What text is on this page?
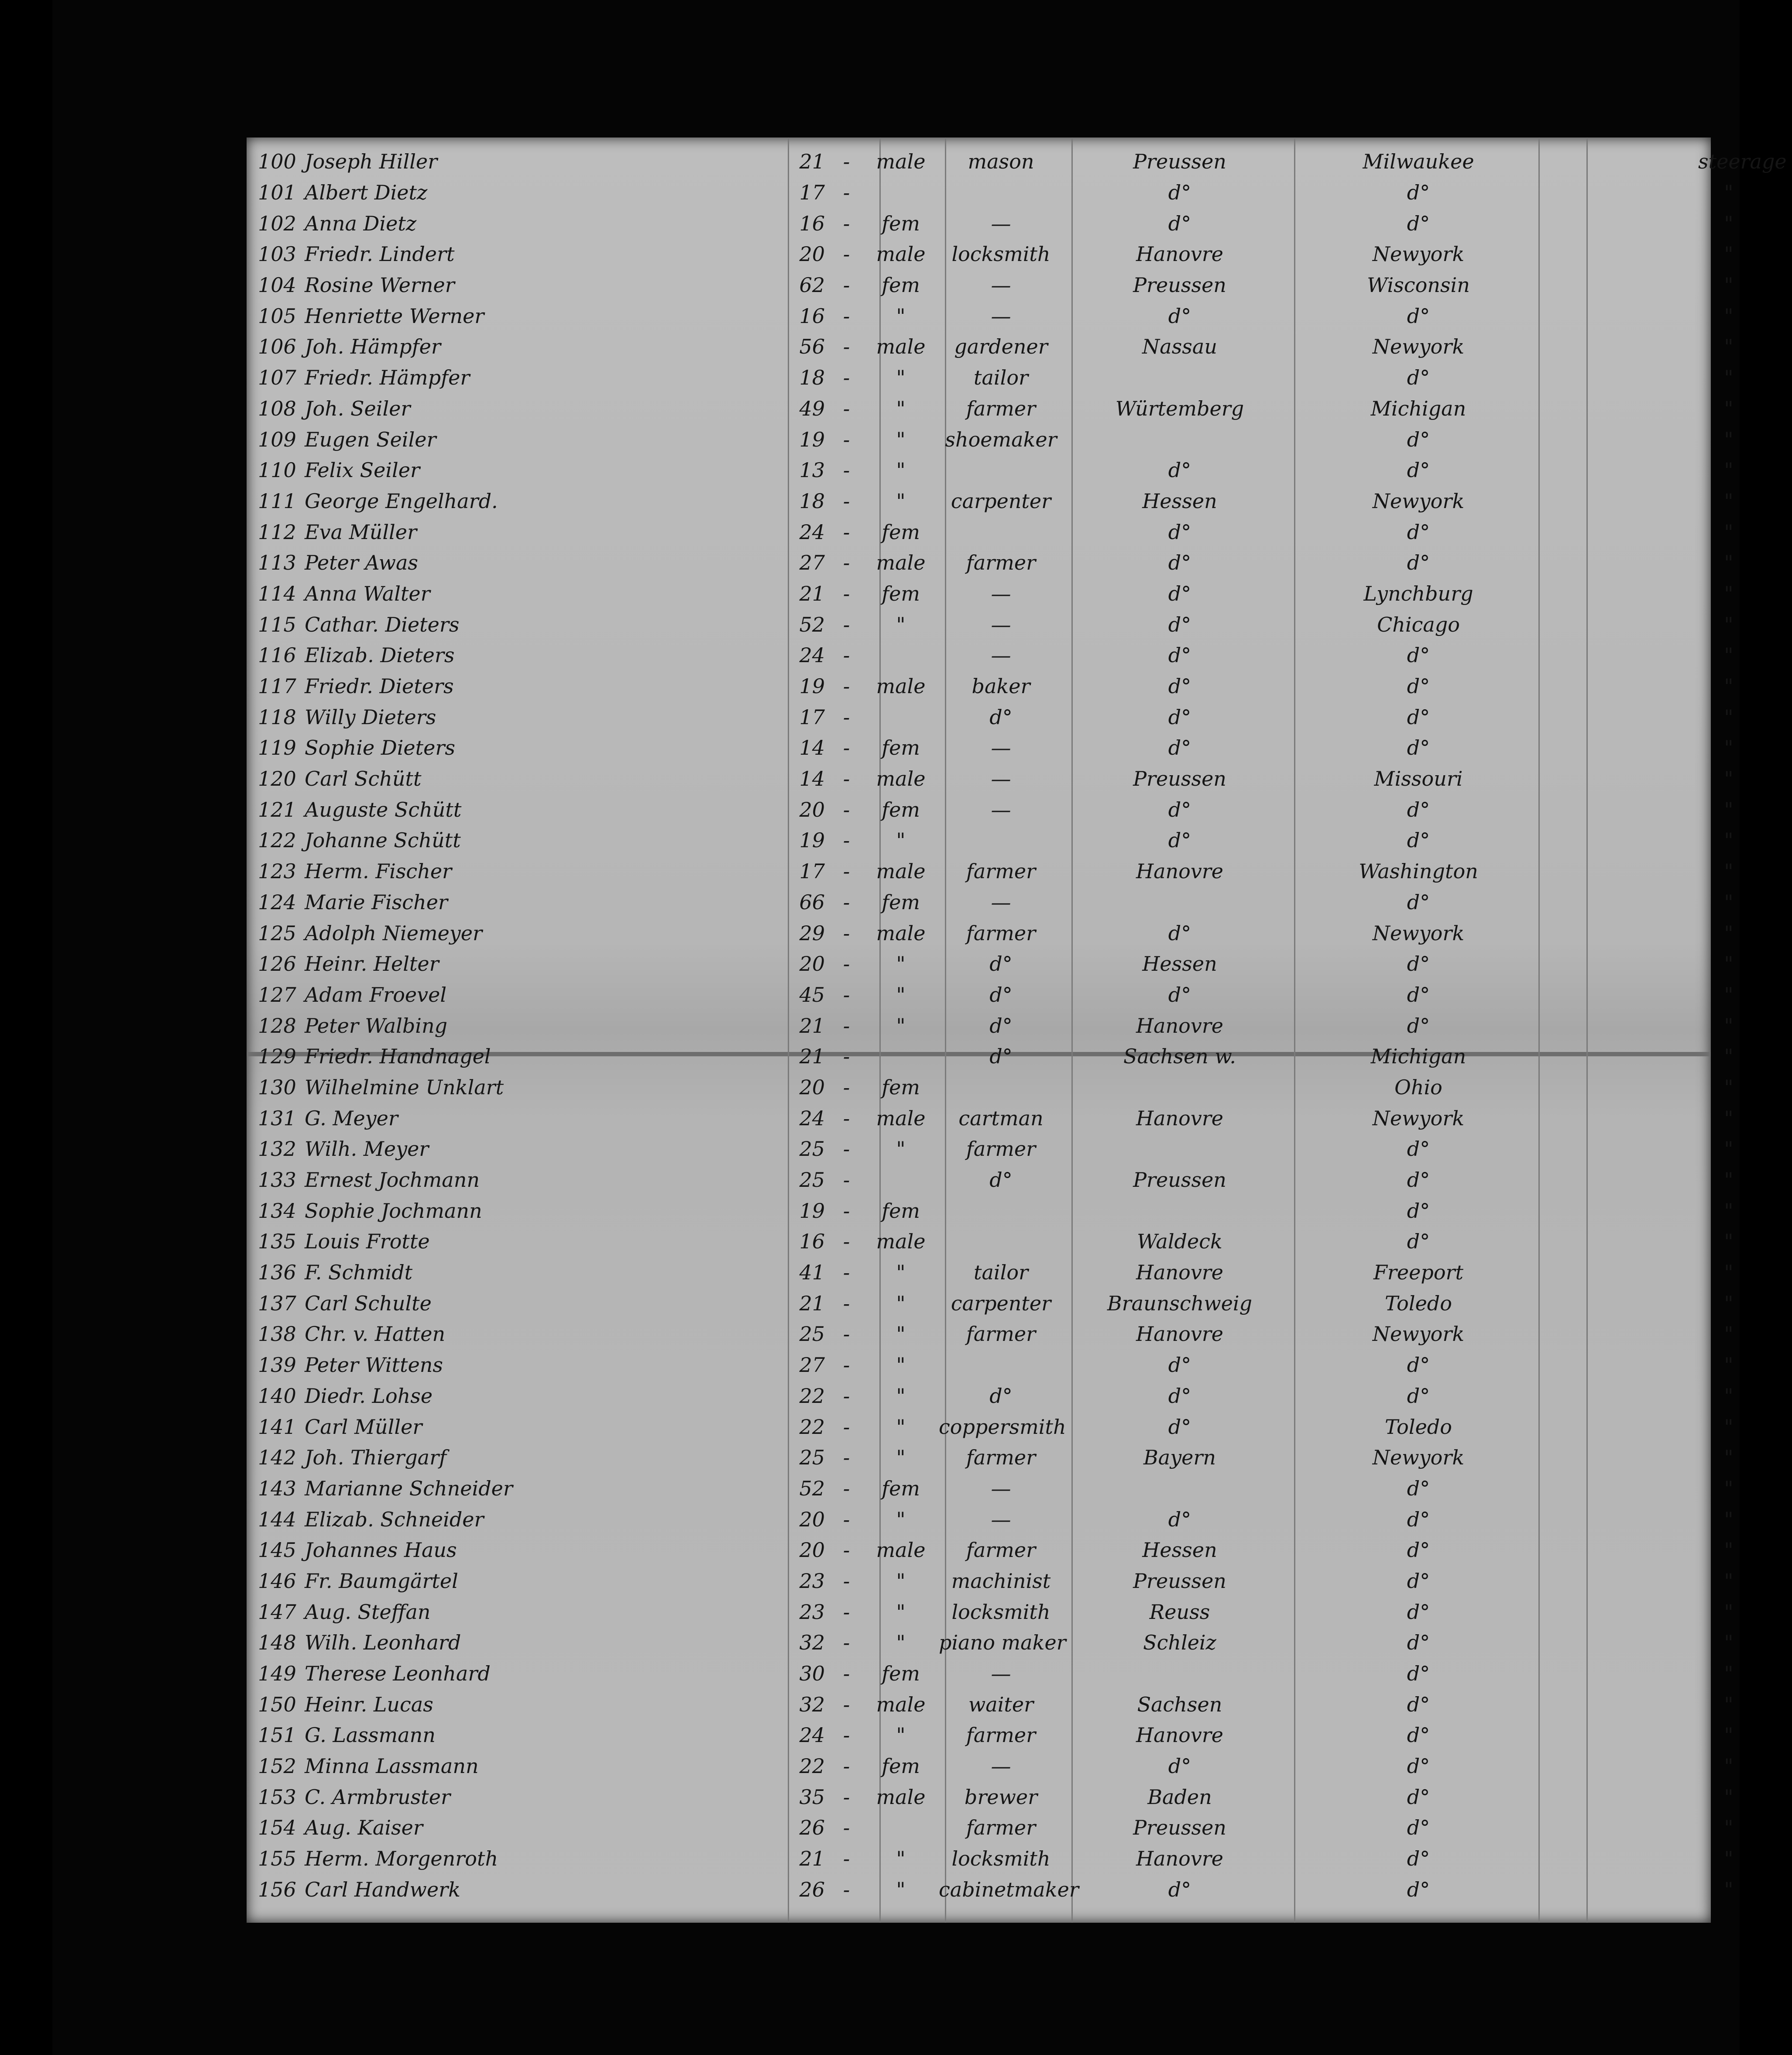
100	Joseph Hiller	21	-	male	mason	Preussen	Milwaukee			steerage
101	Albert Dietz	17	-			d°	d°			"
102	Anna Dietz	16	-	fem	—	d°	d°			"
103	Friedr. Lindert	20	-	male	locksmith	Hanovre	Newyork			"
104	Rosine Werner	62	-	fem	—	Preussen	Wisconsin			"
105	Henriette Werner	16	-	"	—	d°	d°			"
106	Joh. Hämpfer	56	-	male	gardener	Nassau	Newyork			"
107	Friedr. Hämpfer	18	-	"	tailor		d°			"
108	Joh. Seiler	49	-	"	farmer	Würtemberg	Michigan			"
109	Eugen Seiler	19	-	"	shoemaker		d°			"
110	Felix Seiler	13	-	"		d°	d°			"
111	George Engelhard.	18	-	"	carpenter	Hessen	Newyork			"
112	Eva Müller	24	-	fem		d°	d°			"
113	Peter Awas	27	-	male	farmer	d°	d°			"
114	Anna Walter	21	-	fem	—	d°	Lynchburg			"
115	Cathar. Dieters	52	-	"	—	d°	Chicago			"
116	Elizab. Dieters	24	-		—	d°	d°			"
117	Friedr. Dieters	19	-	male	baker	d°	d°			"
118	Willy Dieters	17	-		d°	d°	d°			"
119	Sophie Dieters	14	-	fem	—	d°	d°			"
120	Carl Schütt	14	-	male	—	Preussen	Missouri			"
121	Auguste Schütt	20	-	fem	—	d°	d°			"
122	Johanne Schütt	19	-	"		d°	d°			"
123	Herm. Fischer	17	-	male	farmer	Hanovre	Washington			"
124	Marie Fischer	66	-	fem	—		d°			"
125	Adolph Niemeyer	29	-	male	farmer	d°	Newyork			"
126	Heinr. Helter	20	-	"	d°	Hessen	d°			"
127	Adam Froevel	45	-	"	d°	d°	d°			"
128	Peter Walbing	21	-	"	d°	Hanovre	d°			"
129	Friedr. Handnagel	21	-		d°	Sachsen w.	Michigan			"
130	Wilhelmine Unklart	20	-	fem			Ohio			"
131	G. Meyer	24	-	male	cartman	Hanovre	Newyork			"
132	Wilh. Meyer	25	-	"	farmer		d°			"
133	Ernest Jochmann	25	-		d°	Preussen	d°			"
134	Sophie Jochmann	19	-	fem			d°			"
135	Louis Frotte	16	-	male		Waldeck	d°			"
136	F. Schmidt	41	-	"	tailor	Hanovre	Freeport			"
137	Carl Schulte	21	-	"	carpenter	Braunschweig	Toledo			"
138	Chr. v. Hatten	25	-	"	farmer	Hanovre	Newyork			"
139	Peter Wittens	27	-	"		d°	d°			"
140	Diedr. Lohse	22	-	"	d°	d°	d°			"
141	Carl Müller	22	-	"	coppersmith	d°	Toledo			"
142	Joh. Thiergarf	25	-	"	farmer	Bayern	Newyork			"
143	Marianne Schneider	52	-	fem	—		d°			"
144	Elizab. Schneider	20	-	"	—	d°	d°			"
145	Johannes Haus	20	-	male	farmer	Hessen	d°			"
146	Fr. Baumgärtel	23	-	"	machinist	Preussen	d°			"
147	Aug. Steffan	23	-	"	locksmith	Reuss	d°			"
148	Wilh. Leonhard	32	-	"	piano maker	Schleiz	d°			"
149	Therese Leonhard	30	-	fem	—		d°			"
150	Heinr. Lucas	32	-	male	waiter	Sachsen	d°			"
151	G. Lassmann	24	-	"	farmer	Hanovre	d°			"
152	Minna Lassmann	22	-	fem	—	d°	d°			"
153	C. Armbruster	35	-	male	brewer	Baden	d°			"
154	Aug. Kaiser	26	-		farmer	Preussen	d°			"
155	Herm. Morgenroth	21	-	"	locksmith	Hanovre	d°			"
156	Carl Handwerk	26	-	"	cabinetmaker	d°	d°			"
